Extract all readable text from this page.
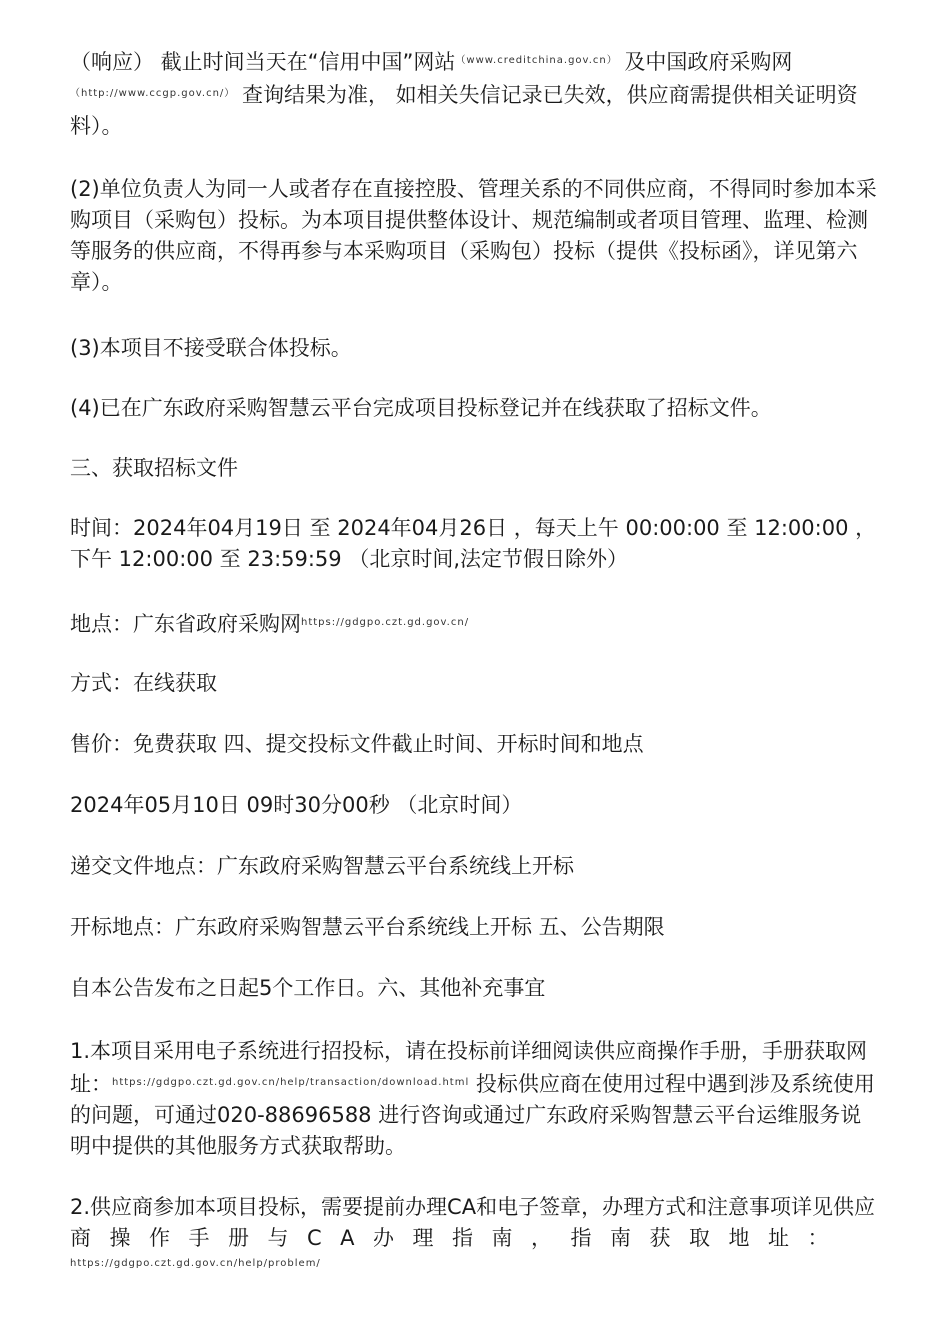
（响应） 截止时间当天在“信用中国”网站$^{(www.creditchina.gov.cn)}$ 及中国政府采购网$^{(http://www.ccgp.gov.cn/)}$ 查询结果为准， 如相关失信记录已失效，供应商需提供相关证明资料）。
(2)单位负责人为同一人或者存在直接控股、管理关系的不同供应商，不得同时参加本采购项目（采购包）投标。为本项目提供整体设计、规范编制或者项目管理、监理、检测等服务的供应商，不得再参与本采购项目（采购包）投标（提供《投标函》，详见第六章）。
(3)本项目不接受联合体投标。
(4)已在广东政府采购智慧云平台完成项目投标登记并在线获取了招标文件。
三、获取招标文件
时间：2024年04月19日 至 2024年04月26日 ，每天上午 00:00:00 至 12:00:00 ，下午 12:00:00 至 23:59:59 （北京时间,法定节假日除外）
地点：广东省政府采购网$^{https://gdgpo.czt.gd.gov.cn/}$
方式：在线获取
售价：免费获取 四、提交投标文件截止时间、开标时间和地点
2024年05月10日 09时30分00秒 （北京时间）
递交文件地点：广东政府采购智慧云平台系统线上开标
开标地点：广东政府采购智慧云平台系统线上开标 五、公告期限
自本公告发布之日起5个工作日。六、其他补充事宜
1.本项目采用电子系统进行招投标，请在投标前详细阅读供应商操作手册，手册获取网址：$^{https://gdgpo.czt.gd.gov.cn/help/transaction/download.html}$ 投标供应商在使用过程中遇到涉及系统使用的问题，可通过020-88696588 进行咨询或通过广东政府采购智慧云平台运维服务说明中提供的其他服务方式获取帮助。
2.供应商参加本项目投标，需要提前办理CA和电子签章，办理方式和注意事项详见供应
商操作手册与CA办理指南，指南获取地址：
https://gdgpo.czt.gd.gov.cn/help/problem/
